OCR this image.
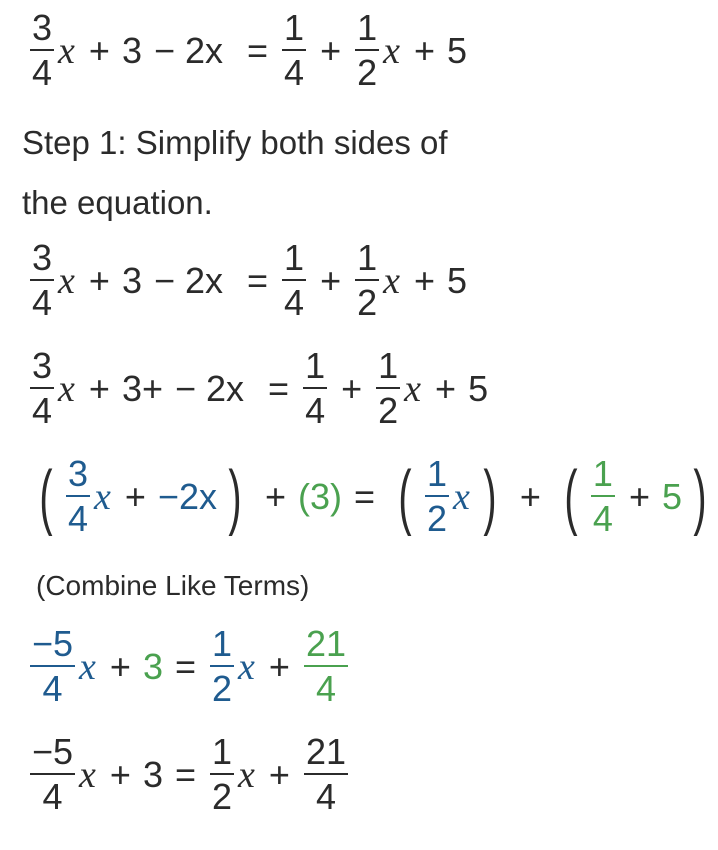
$\frac{3}{4}$ $x + 3 - 2x = \frac{1}{4} + \frac{1}{2}$ x + 5
Step 1: Simplify both sides of
the equation.
$\frac{3}{4}$ $x + 3 - 2x = \frac{1}{4} + \frac{1}{2}$ x + 5
$\frac{3}{4}$ $x + 3+ - 2x = \frac{1}{4} + \frac{1}{2}$ x + 5
( $\frac{3}{4}$ x + −2x ) + (3) = ( $\frac{1}{2}$ x ) + ( $\frac{1}{4} + 5$ )
(Combine Like Terms)
$\frac{-5}{4}$ $x + 3 = \frac{1}{2}$ $x + \frac{21}{4}$
$\frac{-5}{4}$ $x + 3 = \frac{1}{2}$ $x + \frac{21}{4}$
